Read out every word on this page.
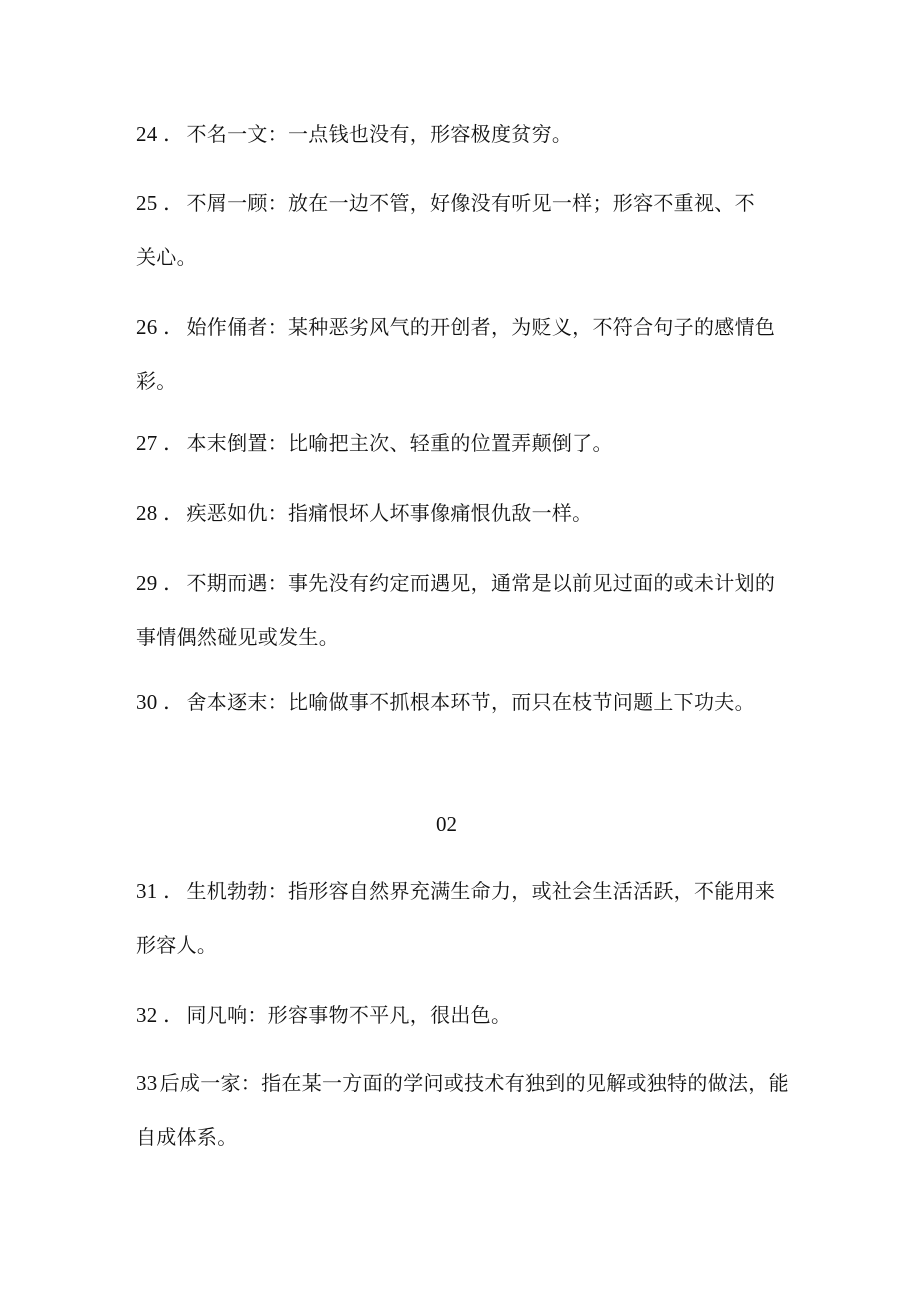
24 ． 不名一文：一点钱也没有，形容极度贫穷。
25 ． 不屑一顾：放在一边不管，好像没有听见一样；形容不重视、不关心。
26 ． 始作俑者：某种恶劣风气的开创者，为贬义，不符合句子的感情色彩。
27 ． 本末倒置：比喻把主次、轻重的位置弄颠倒了。
28 ． 疾恶如仇：指痛恨坏人坏事像痛恨仇敌一样。
29 ． 不期而遇：事先没有约定而遇见，通常是以前见过面的或未计划的事情偶然碰见或发生。
30 ． 舍本逐末：比喻做事不抓根本环节，而只在枝节问题上下功夫。
02
31 ． 生机勃勃：指形容自然界充满生命力，或社会生活活跃，不能用来形容人。
32 ． 同凡响：形容事物不平凡，很出色。
33 后成一家：指在某一方面的学问或技术有独到的见解或独特的做法，能自成体系。
